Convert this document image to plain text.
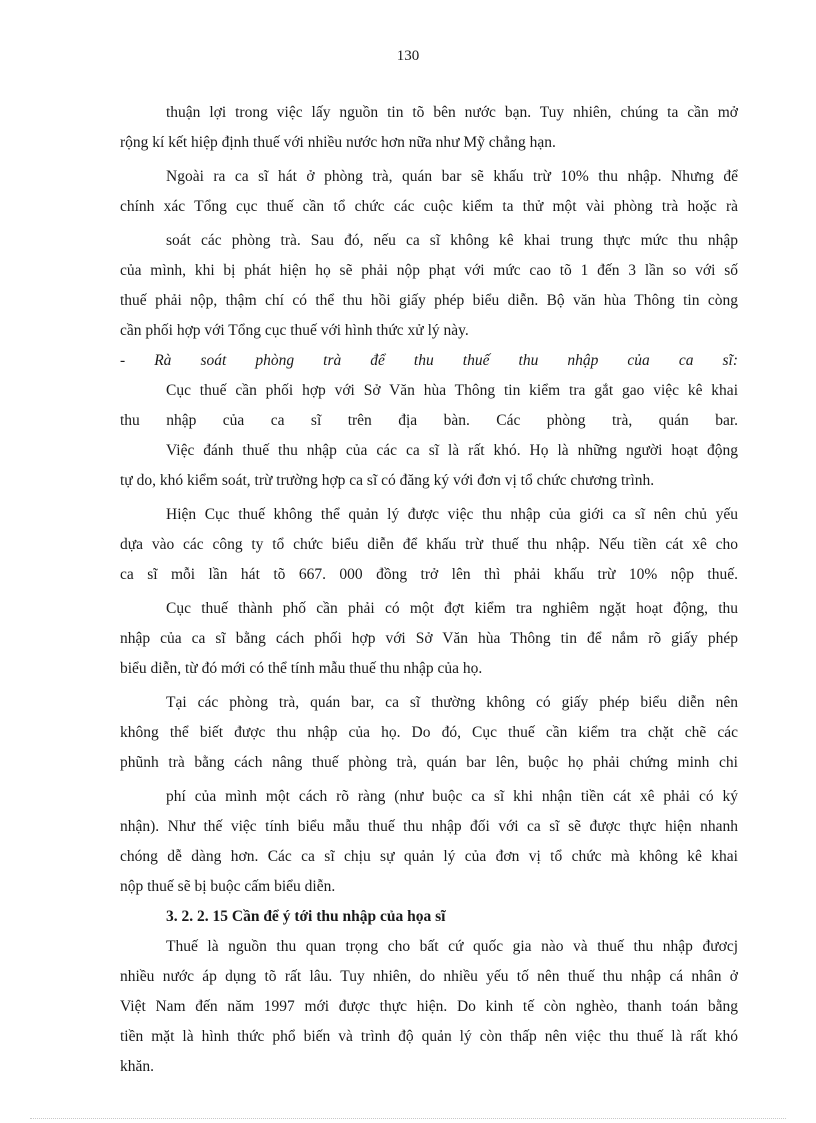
130
thuận lợi trong việc lấy nguồn tin tõ bên nước bạn. Tuy nhiên, chúng ta cần mở
rộng kí kết hiệp định thuế với nhiều nước hơn nữa như Mỹ chẳng hạn.
Ngoài ra ca sĩ hát ở phòng trà, quán bar sẽ khấu trừ 10% thu nhập. Nhưng để
chính xác Tổng cục thuế cần tổ chức các cuộc kiểm ta thử một vài phòng trà hoặc rà
soát các phòng trà. Sau đó, nếu ca sĩ không kê khai trung thực mức thu nhập
của mình, khi bị phát hiện họ sẽ phải nộp phạt với mức cao tõ 1 đến 3 lần so với số
thuế phải nộp, thậm chí có thể thu hồi giấy phép biểu diễn. Bộ văn hùa Thông tin còng
cần phối hợp với Tổng cục thuế với hình thức xử lý này.
- Rà soát phòng trà để thu thuế thu nhập của ca sĩ:
Cục thuế cần phối hợp với Sở Văn hùa Thông tin kiểm tra gắt gao việc kê khai
thu nhập của ca sĩ trên địa bàn. Các phòng trà, quán bar.
Việc đánh thuế thu nhập của các ca sĩ là rất khó. Họ là những người hoạt động
tự do, khó kiểm soát, trừ trường hợp ca sĩ có đăng ký với đơn vị tổ chức chương trình.
Hiện Cục thuế không thể quản lý được việc thu nhập của giới ca sĩ nên chủ yếu
dựa vào các công ty tổ chức biểu diễn để khấu trừ thuế thu nhập. Nếu tiền cát xê cho
ca sĩ mỗi lần hát tõ 667. 000 đồng trở lên thì phải khấu trừ 10% nộp thuế.
Cục thuế thành phố cần phải có một đợt kiểm tra nghiêm ngặt hoạt động, thu
nhập của ca sĩ bằng cách phối hợp với Sở Văn hùa Thông tin để nắm rõ giấy phép
biểu diễn, từ đó mới có thể tính mẫu thuế thu nhập của họ.
Tại các phòng trà, quán bar, ca sĩ thường không có giấy phép biểu diễn nên
không thể biết được thu nhập của họ. Do đó, Cục thuế cần kiểm tra chặt chẽ các
phũnh trà bằng cách nâng thuế phòng trà, quán bar lên, buộc họ phải chứng minh chi
phí của mình một cách rõ ràng (như buộc ca sĩ khi nhận tiền cát xê phải có ký
nhận). Như thế việc tính biểu mẫu thuế thu nhập đối với ca sĩ sẽ được thực hiện nhanh
chóng dễ dàng hơn. Các ca sĩ chịu sự quản lý của đơn vị tổ chức mà không kê khai
nộp thuế sẽ bị buộc cấm biểu diễn.
3. 2. 2. 15 Cần để ý tới thu nhập của họa sĩ
Thuế là nguồn thu quan trọng cho bất cứ quốc gia nào và thuế thu nhập đươcj
nhiều nước áp dụng tõ rất lâu. Tuy nhiên, do nhiều yếu tố nên thuế thu nhập cá nhân ở
Việt Nam đến năm 1997 mới được thực hiện. Do kinh tế còn nghèo, thanh toán bằng
tiền mặt là hình thức phổ biến và trình độ quản lý còn thấp nên việc thu thuế là rất khó
khăn.
